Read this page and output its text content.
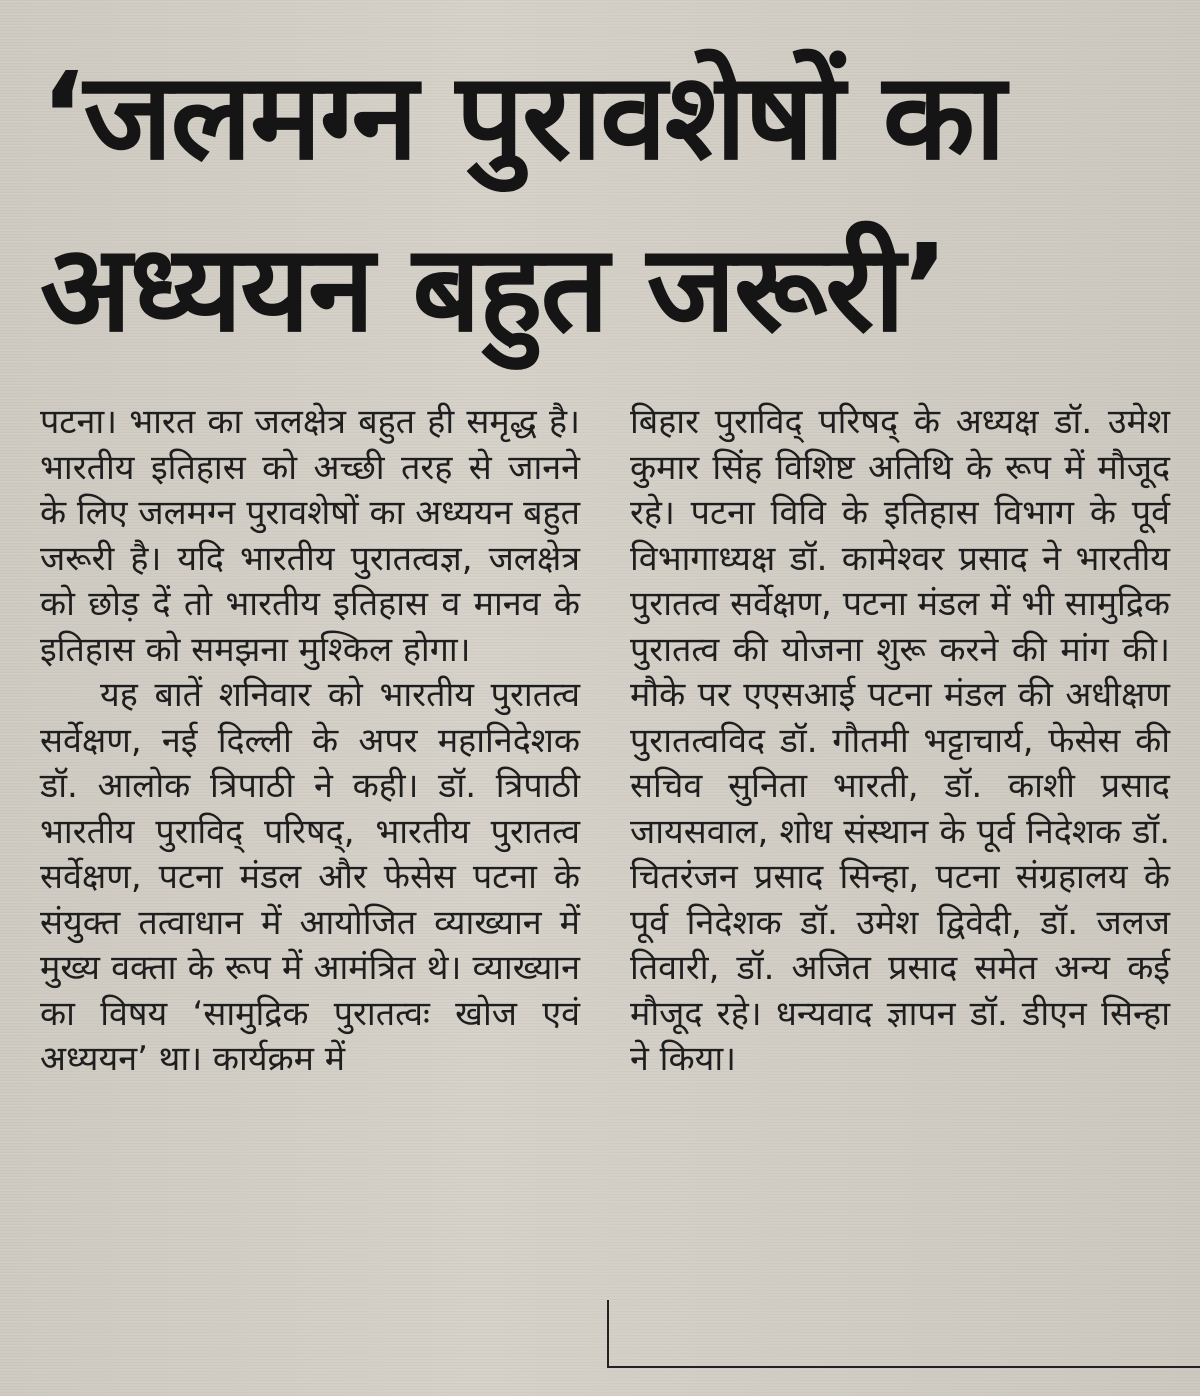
‘जलमग्न पुरावशेषों का
अध्ययन बहुत जरूरी’

पटना। भारत का जलक्षेत्र बहुत ही समृद्ध है। भारतीय इतिहास को अच्छी तरह से जानने के लिए जलमग्न पुरावशेषों का अध्ययन बहुत जरूरी है। यदि भारतीय पुरातत्वज्ञ, जलक्षेत्र को छोड़ दें तो भारतीय इतिहास व मानव के इतिहास को समझना मुश्किल होगा।

यह बातें शनिवार को भारतीय पुरातत्व सर्वेक्षण, नई दिल्ली के अपर महानिदेशक डॉ. आलोक त्रिपाठी ने कही। डॉ. त्रिपाठी भारतीय पुराविद् परिषद्, भारतीय पुरातत्व सर्वेक्षण, पटना मंडल और फेसेस पटना के संयुक्त तत्वाधान में आयोजित व्याख्यान में मुख्य वक्ता के रूप में आमंत्रित थे। व्याख्यान का विषय ‘सामुद्रिक पुरातत्वः खोज एवं अध्ययन’ था। कार्यक्रम में

बिहार पुराविद् परिषद् के अध्यक्ष डॉ. उमेश कुमार सिंह विशिष्ट अतिथि के रूप में मौजूद रहे। पटना विवि के इतिहास विभाग के पूर्व विभागाध्यक्ष डॉ. कामेश्वर प्रसाद ने भारतीय पुरातत्व सर्वेक्षण, पटना मंडल में भी सामुद्रिक पुरातत्व की योजना शुरू करने की मांग की। मौके पर एएसआई पटना मंडल की अधीक्षण पुरातत्वविद डॉ. गौतमी भट्टाचार्य, फेसेस की सचिव सुनिता भारती, डॉ. काशी प्रसाद जायसवाल, शोध संस्थान के पूर्व निदेशक डॉ. चितरंजन प्रसाद सिन्हा, पटना संग्रहालय के पूर्व निदेशक डॉ. उमेश द्विवेदी, डॉ. जलज तिवारी, डॉ. अजित प्रसाद समेत अन्य कई मौजूद रहे। धन्यवाद ज्ञापन डॉ. डीएन सिन्हा ने किया।
